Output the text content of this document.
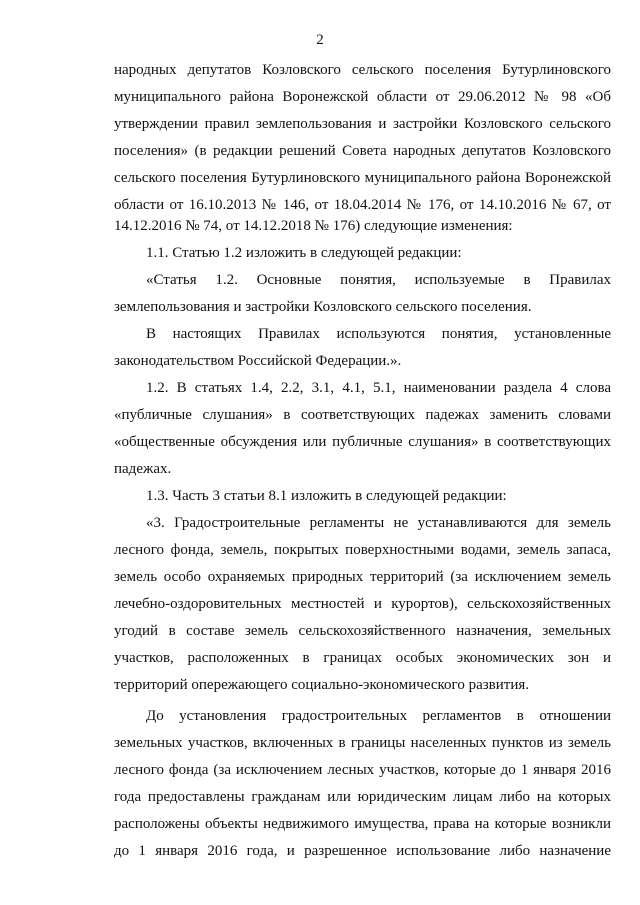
2
народных депутатов Козловского сельского поселения Бутурлиновского
муниципального района Воронежской области от 29.06.2012 № 98 «Об
утверждении правил землепользования и застройки Козловского сельского
поселения» (в редакции решений Совета народных депутатов Козловского
сельского поселения Бутурлиновского муниципального района Воронежской
области от 16.10.2013 № 146, от 18.04.2014 № 176, от 14.10.2016 № 67, от
14.12.2016 № 74, от 14.12.2018 № 176) следующие изменения:
1.1. Статью 1.2 изложить в следующей редакции:
«Статья 1.2. Основные понятия, используемые в Правилах
землепользования и застройки Козловского сельского поселения.
В настоящих Правилах используются понятия, установленные
законодательством Российской Федерации.».
1.2. В статьях 1.4, 2.2, 3.1, 4.1, 5.1, наименовании раздела 4 слова
«публичные слушания» в соответствующих падежах заменить словами
«общественные обсуждения или публичные слушания» в соответствующих
падежах.
1.3. Часть 3 статьи 8.1 изложить в следующей редакции:
«3. Градостроительные регламенты не устанавливаются для земель
лесного фонда, земель, покрытых поверхностными водами, земель запаса,
земель особо охраняемых природных территорий (за исключением земель
лечебно-оздоровительных местностей и курортов), сельскохозяйственных
угодий в составе земель сельскохозяйственного назначения, земельных
участков, расположенных в границах особых экономических зон и
территорий опережающего социально-экономического развития.
До установления градостроительных регламентов в отношении
земельных участков, включенных в границы населенных пунктов из земель
лесного фонда (за исключением лесных участков, которые до 1 января 2016
года предоставлены гражданам или юридическим лицам либо на которых
расположены объекты недвижимого имущества, права на которые возникли
до 1 января 2016 года, и разрешенное использование либо назначение
